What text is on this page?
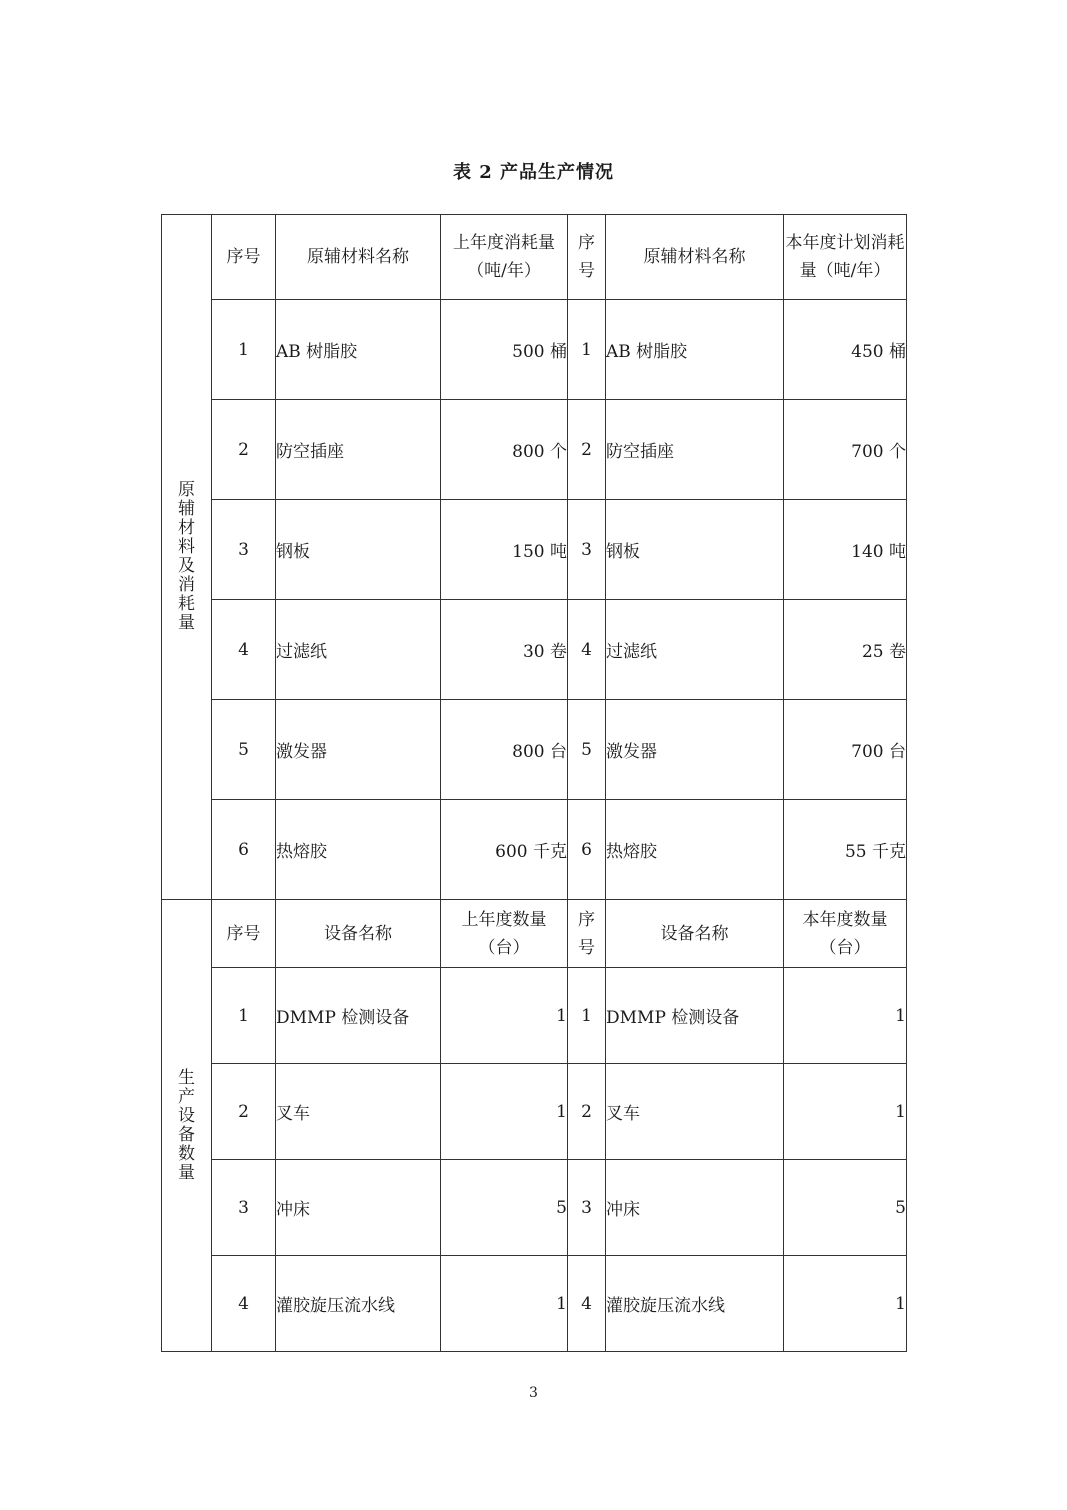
表 2 产品生产情况
原辅材料及消耗量	序号	原辅材料名称	上年度消耗量（吨/年）	序号	原辅材料名称	本年度计划消耗量（吨/年）
	1	AB 树脂胶	500 桶	1	AB 树脂胶	450 桶
	2	防空插座	800 个	2	防空插座	700 个
	3	钢板	150 吨	3	钢板	140 吨
	4	过滤纸	30 卷	4	过滤纸	25 卷
	5	激发器	800 台	5	激发器	700 台
	6	热熔胶	600 千克	6	热熔胶	55 千克
生产设备数量	序号	设备名称	上年度数量（台）	序号	设备名称	本年度数量（台）
	1	DMMP 检测设备	1	1	DMMP 检测设备	1
	2	叉车	1	2	叉车	1
	3	冲床	5	3	冲床	5
	4	灌胶旋压流水线	1	4	灌胶旋压流水线	1
3
